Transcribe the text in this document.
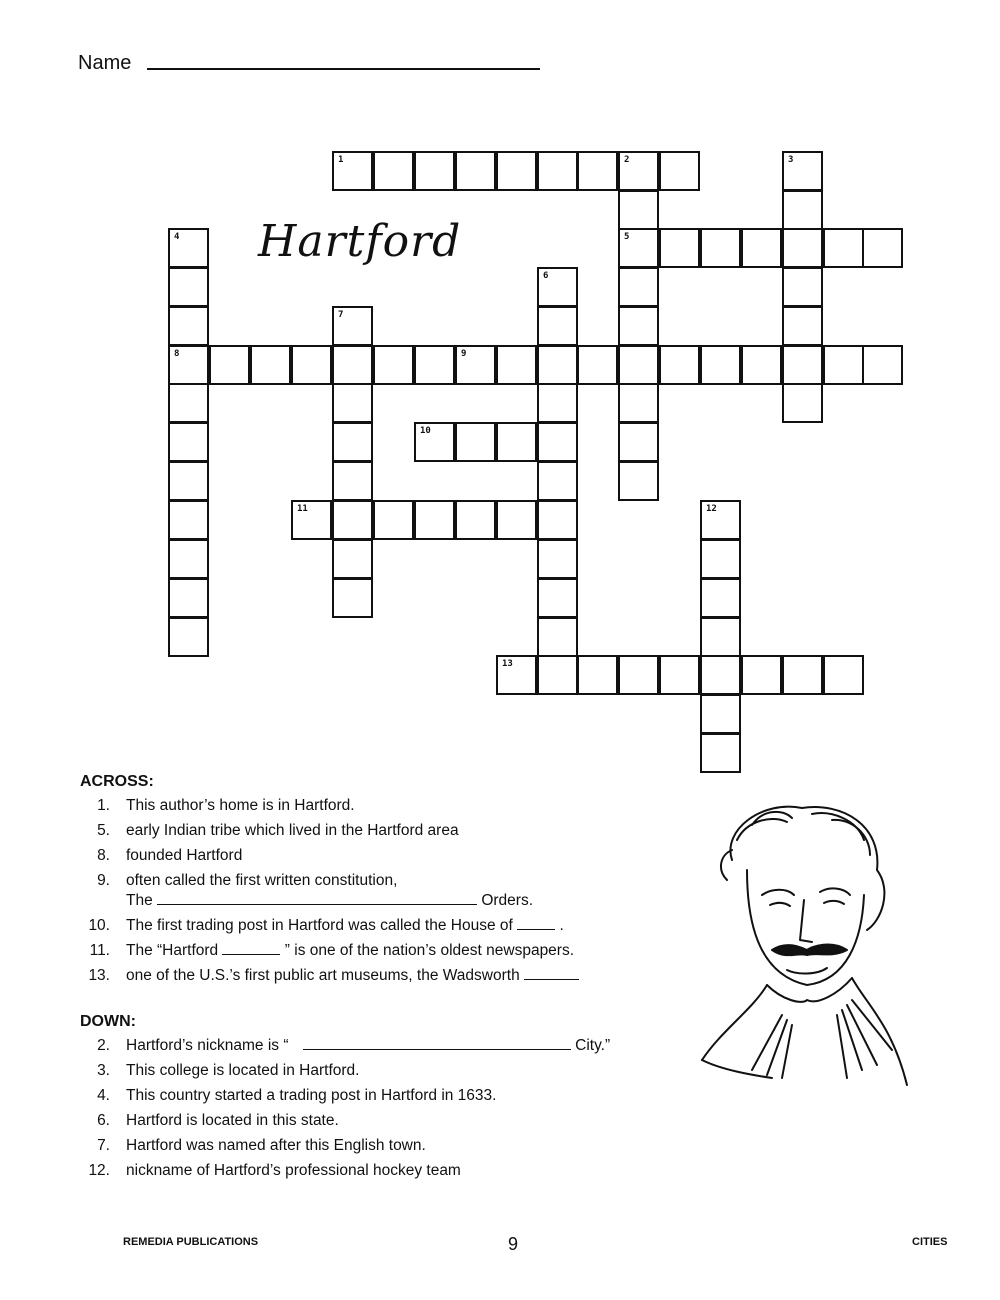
Name
Hartford
1	2
5
3
4
8
6
7
9
10
11	12
13
ACROSS:
1. This author’s home is in Hartford.
5. early Indian tribe which lived in the Hartford area
8. founded Hartford
9. often called the first written constitution,
The	Orders.
10. The first trading post in Hartford was called the House of	.
11. The “Hartford	” is one of the nation’s oldest newspapers.
13. one of the U.S.’s first public art museums, the Wadsworth
DOWN:
2. Hartford’s nickname is “	City.”
3. This college is located in Hartford.
4. This country started a trading post in Hartford in 1633.
6. Hartford is located in this state.
7. Hartford was named after this English town.
12. nickname of Hartford’s professional hockey team
REMEDIA PUBLICATIONS	9	CITIES
